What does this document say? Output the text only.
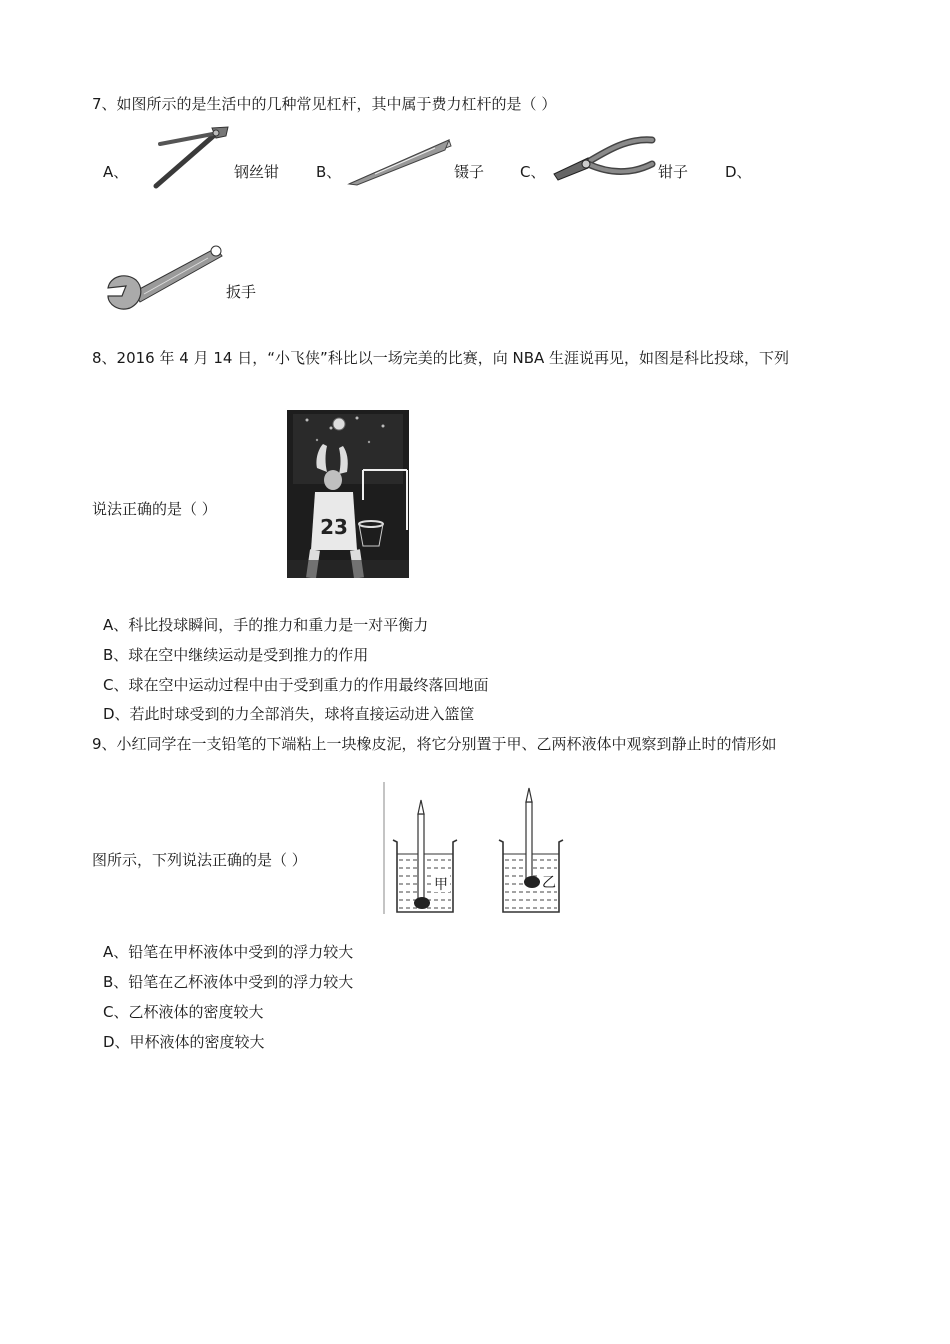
7、如图所示的是生活中的几种常见杠杆，其中属于费力杠杆的是（ ）
A、	钢丝钳 B、	镊子 C、	钳子 D、
扳手
8、2016 年 4 月 14 日，“小飞侠”科比以一场完美的比赛，向 NBA 生涯说再见，如图是科比投球，下列
说法正确的是（ ）
23
A、科比投球瞬间，手的推力和重力是一对平衡力
B、球在空中继续运动是受到推力的作用
C、球在空中运动过程中由于受到重力的作用最终落回地面
D、若此时球受到的力全部消失，球将直接运动进入篮筐
9、小红同学在一支铅笔的下端粘上一块橡皮泥，将它分别置于甲、乙两杯液体中观察到静止时的情形如
图所示，下列说法正确的是（ ）
甲	乙
A、铅笔在甲杯液体中受到的浮力较大
B、铅笔在乙杯液体中受到的浮力较大
C、乙杯液体的密度较大
D、甲杯液体的密度较大
